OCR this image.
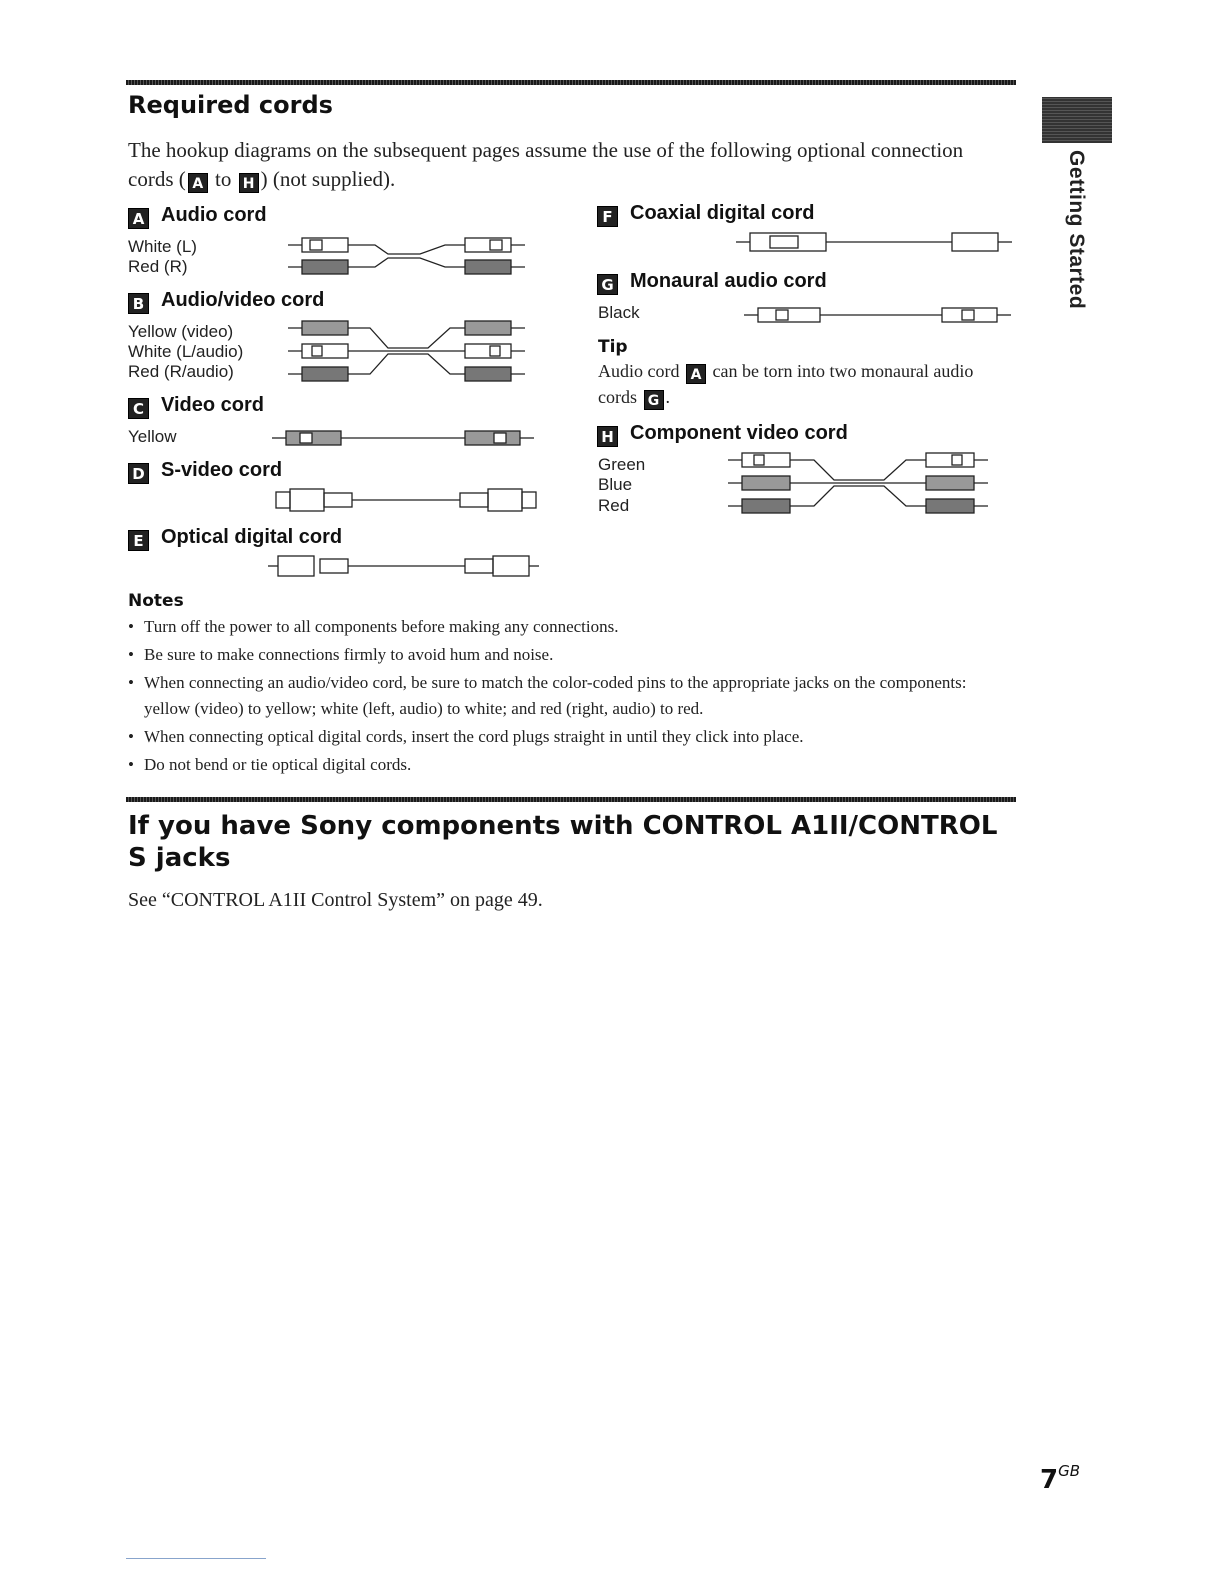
Required cords

The hookup diagrams on the subsequent pages assume the use of the following optional connection
cords ( A to H ) (not supplied).

A Audio cord
White (L)
Red (R)
B Audio/video cord
Yellow (video)
White (L/audio)
Red (R/audio)
C Video cord
Yellow
D S-video cord
E Optical digital cord
F Coaxial digital cord
G Monaural audio cord
Black
Tip

Audio cord A can be torn into two monaural audio
cords G .

H Component video cord
Green
Blue
Red
Notes
• Turn off the power to all components before making any connections.
• Be sure to make connections firmly to avoid hum and noise.
• When connecting an audio/video cord, be sure to match the color-coded pins to the appropriate jacks on the components: yellow (video) to yellow; white (left, audio) to white; and red (right, audio) to red.
• When connecting optical digital cords, insert the cord plugs straight in until they click into place.
• Do not bend or tie optical digital cords.
If you have Sony components with CONTROL A1II/CONTROL S jacks

See “CONTROL A1II Control System” on page 49.

Getting Started
$7^{GB}$
